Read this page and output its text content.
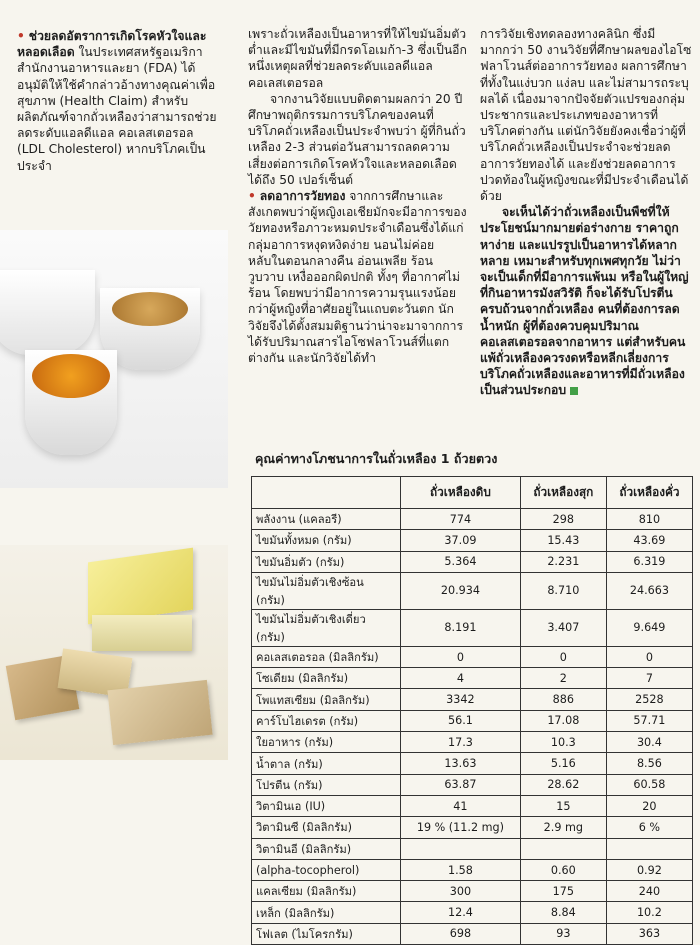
• ช่วยลดอัตราการเกิดโรคหัวใจและหลอดเลือด ในประเทศสหรัฐอเมริกา สำนักงานอาหารและยา (FDA) ได้อนุมัติให้ใช้คำกล่าวอ้างทางคุณค่าเพื่อสุขภาพ (Health Claim) สำหรับผลิตภัณฑ์จากถั่วเหลืองว่าสามารถช่วยลดระดับแอลดีแอล คอเลสเตอรอล (LDL Cholesterol) หากบริโภคเป็นประจำ

เพราะถั่วเหลืองเป็นอาหารที่ให้ไขมันอิ่มตัวต่ำและมีไขมันที่มีกรดโอเมก้า-3 ซึ่งเป็นอีกหนึ่งเหตุผลที่ช่วยลดระดับแอลดีแอล คอเลสเตอรอล

จากงานวิจัยแบบติดตามผลกว่า 20 ปีศึกษาพฤติกรรมการบริโภคของคนที่บริโภคถั่วเหลืองเป็นประจำพบว่า ผู้ที่กินถั่วเหลือง 2-3 ส่วนต่อวันสามารถลดความเสี่ยงต่อการเกิดโรคหัวใจและหลอดเลือดได้ถึง 50 เปอร์เซ็นต์

• ลดอาการวัยทอง จากการศึกษาและสังเกตพบว่าผู้หญิงเอเชียมักจะมีอาการของวัยทองหรือภาวะหมดประจำเดือนซึ่งได้แก่กลุ่มอาการหงุดหงิดง่าย นอนไม่ค่อยหลับในตอนกลางคืน อ่อนเพลีย ร้อนวูบวาบ เหงื่อออกผิดปกติ ทั้งๆ ที่อากาศไม่ร้อน โดยพบว่ามีอาการความรุนแรงน้อยกว่าผู้หญิงที่อาศัยอยู่ในแถบตะวันตก นักวิจัยจึงได้ตั้งสมมติฐานว่าน่าจะมาจากการได้รับปริมาณสารไอโซฟลาโวนส์ที่แตกต่างกัน และนักวิจัยได้ทำ

การวิจัยเชิงทดลองทางคลินิก ซึ่งมีมากกว่า 50 งานวิจัยที่ศึกษาผลของไอโซฟลาโวนส์ต่ออาการวัยทอง ผลการศึกษาที่ทั้งในแง่บวก แง่ลบ และไม่สามารถระบุผลได้ เนื่องมาจากปัจจัยตัวแปรของกลุ่มประชากรและประเภทของอาหารที่บริโภคต่างกัน แต่นักวิจัยยังคงเชื่อว่าผู้ที่บริโภคถั่วเหลืองเป็นประจำจะช่วยลดอาการวัยทองได้ และยังช่วยลดอาการปวดท้องในผู้หญิงขณะที่มีประจำเดือนได้ด้วย

จะเห็นได้ว่าถั่วเหลืองเป็นพืชที่ให้ประโยชน์มากมายต่อร่างกาย ราคาถูก หาง่าย และแปรรูปเป็นอาหารได้หลากหลาย เหมาะสำหรับทุกเพศทุกวัย ไม่ว่าจะเป็นเด็กที่มีอาการแพ้นม หรือในผู้ใหญ่ที่กินอาหารมังสวิรัติ ก็จะได้รับโปรตีนครบถ้วนจากถั่วเหลือง คนที่ต้องการลดน้ำหนัก ผู้ที่ต้องควบคุมปริมาณคอเลสเตอรอลจากอาหาร แต่สำหรับคนแพ้ถั่วเหลืองควรงดหรือหลีกเลี่ยงการบริโภคถั่วเหลืองและอาหารที่มีถั่วเหลืองเป็นส่วนประกอบ

คุณค่าทางโภชนาการในถั่วเหลือง 1 ถ้วยตวง

	ถั่วเหลืองดิบ	ถั่วเหลืองสุก	ถั่วเหลืองคั่ว
พลังงาน (แคลอรี)	774	298	810
ไขมันทั้งหมด (กรัม)	37.09	15.43	43.69
ไขมันอิ่มตัว (กรัม)	5.364	2.231	6.319
ไขมันไม่อิ่มตัวเชิงซ้อน (กรัม)	20.934	8.710	24.663
ไขมันไม่อิ่มตัวเชิงเดี่ยว (กรัม)	8.191	3.407	9.649
คอเลสเตอรอล (มิลลิกรัม)	0	0	0
โซเดียม (มิลลิกรัม)	4	2	7
โพแทสเซียม (มิลลิกรัม)	3342	886	2528
คาร์โบไฮเดรต (กรัม)	56.1	17.08	57.71
ใยอาหาร (กรัม)	17.3	10.3	30.4
น้ำตาล (กรัม)	13.63	5.16	8.56
โปรตีน (กรัม)	63.87	28.62	60.58
วิตามินเอ (IU)	41	15	20
วิตามินซี (มิลลิกรัม)	19 % (11.2 mg)	2.9 mg	6 %
วิตามินอี (มิลลิกรัม)			
(alpha-tocopherol)	1.58	0.60	0.92
แคลเซียม (มิลลิกรัม)	300	175	240
เหล็ก (มิลลิกรัม)	12.4	8.84	10.2
โฟเลต (ไมโครกรัม)	698	93	363
